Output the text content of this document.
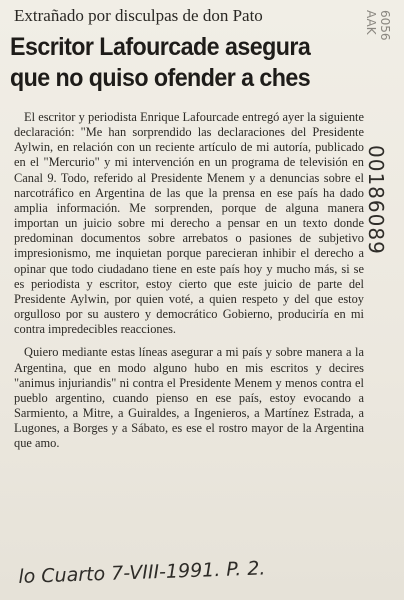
Extrañado por disculpas de don Pato
Escritor Lafourcade asegura
que no quiso ofender a ches

El escritor y periodista Enrique Lafourcade entregó ayer la siguiente declaración: "Me han sorprendido las declaraciones del Presidente Aylwin, en relación con un reciente artículo de mi autoría, publicado en el "Mercurio" y mi intervención en un programa de televisión en Canal 9. Todo, referido al Presidente Menem y a denuncias sobre el narcotráfico en Argentina de las que la prensa en ese país ha dado amplia información. Me sorprenden, porque de alguna manera importan un juicio sobre mi derecho a pensar en un texto donde predominan documentos sobre arrebatos o pasiones de subjetivo impresionismo, me inquietan porque parecieran inhibir el derecho a opinar que todo ciudadano tiene en este país hoy y mucho más, si se es periodista y escritor, estoy cierto que este juicio de parte del Presidente Aylwin, por quien voté, a quien respeto y del que estoy orgulloso por su austero y democrático Gobierno, produciría en mi contra impredecibles reacciones.

Quiero mediante estas líneas asegurar a mi país y sobre manera a la Argentina, que en modo alguno hubo en mis escritos y decires "animus injuriandis" ni contra el Presidente Menem y menos contra el pueblo argentino, cuando pienso en ese país, estoy evocando a Sarmiento, a Mitre, a Guiraldes, a Ingenieros, a Martínez Estrada, a Lugones, a Borges y a Sábato, es ese el rostro mayor de la Argentina que amo.

6056 AAK
00186089
lo Cuarto 7-VIII-1991. P. 2.
